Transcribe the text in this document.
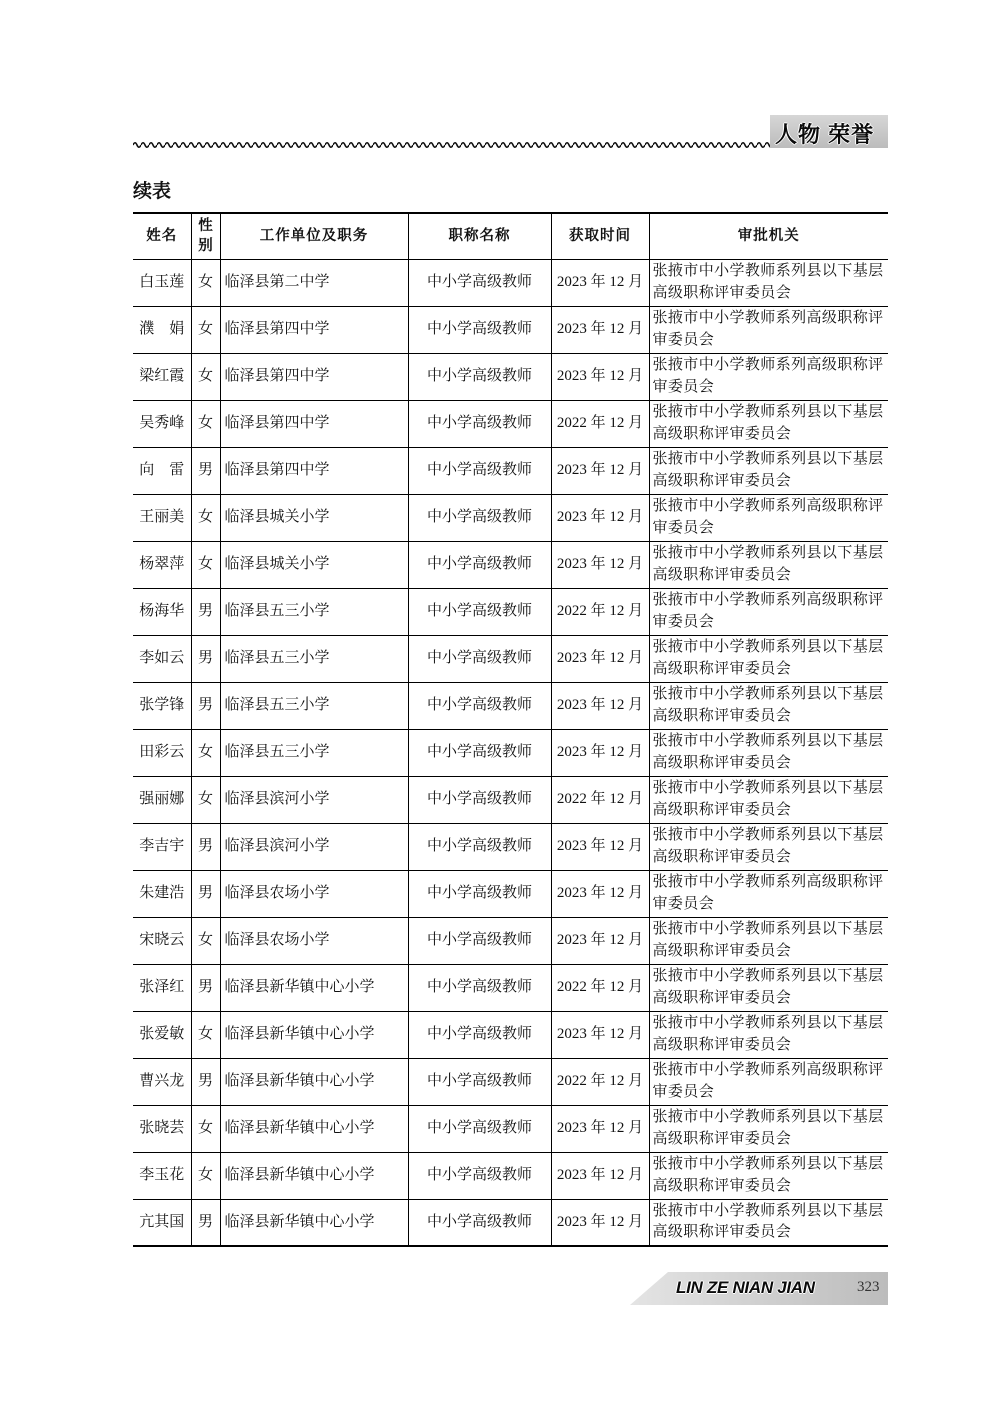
人物 荣誉
续表
姓名	性别	工作单位及职务	职称名称	获取时间	审批机关
白玉莲	女	临泽县第二中学	中小学高级教师	2023 年 12 月	张掖市中小学教师系列县以下基层高级职称评审委员会
濮　娟	女	临泽县第四中学	中小学高级教师	2023 年 12 月	张掖市中小学教师系列高级职称评审委员会
梁红霞	女	临泽县第四中学	中小学高级教师	2023 年 12 月	张掖市中小学教师系列高级职称评审委员会
吴秀峰	女	临泽县第四中学	中小学高级教师	2022 年 12 月	张掖市中小学教师系列县以下基层高级职称评审委员会
向　雷	男	临泽县第四中学	中小学高级教师	2023 年 12 月	张掖市中小学教师系列县以下基层高级职称评审委员会
王丽美	女	临泽县城关小学	中小学高级教师	2023 年 12 月	张掖市中小学教师系列高级职称评审委员会
杨翠萍	女	临泽县城关小学	中小学高级教师	2023 年 12 月	张掖市中小学教师系列县以下基层高级职称评审委员会
杨海华	男	临泽县五三小学	中小学高级教师	2022 年 12 月	张掖市中小学教师系列高级职称评审委员会
李如云	男	临泽县五三小学	中小学高级教师	2023 年 12 月	张掖市中小学教师系列县以下基层高级职称评审委员会
张学锋	男	临泽县五三小学	中小学高级教师	2023 年 12 月	张掖市中小学教师系列县以下基层高级职称评审委员会
田彩云	女	临泽县五三小学	中小学高级教师	2023 年 12 月	张掖市中小学教师系列县以下基层高级职称评审委员会
强丽娜	女	临泽县滨河小学	中小学高级教师	2022 年 12 月	张掖市中小学教师系列县以下基层高级职称评审委员会
李吉宇	男	临泽县滨河小学	中小学高级教师	2023 年 12 月	张掖市中小学教师系列县以下基层高级职称评审委员会
朱建浩	男	临泽县农场小学	中小学高级教师	2023 年 12 月	张掖市中小学教师系列高级职称评审委员会
宋晓云	女	临泽县农场小学	中小学高级教师	2023 年 12 月	张掖市中小学教师系列县以下基层高级职称评审委员会
张泽红	男	临泽县新华镇中心小学	中小学高级教师	2022 年 12 月	张掖市中小学教师系列县以下基层高级职称评审委员会
张爱敏	女	临泽县新华镇中心小学	中小学高级教师	2023 年 12 月	张掖市中小学教师系列县以下基层高级职称评审委员会
曹兴龙	男	临泽县新华镇中心小学	中小学高级教师	2022 年 12 月	张掖市中小学教师系列高级职称评审委员会
张晓芸	女	临泽县新华镇中心小学	中小学高级教师	2023 年 12 月	张掖市中小学教师系列县以下基层高级职称评审委员会
李玉花	女	临泽县新华镇中心小学	中小学高级教师	2023 年 12 月	张掖市中小学教师系列县以下基层高级职称评审委员会
亢其国	男	临泽县新华镇中心小学	中小学高级教师	2023 年 12 月	张掖市中小学教师系列县以下基层高级职称评审委员会
LIN ZE NIAN JIAN	323
